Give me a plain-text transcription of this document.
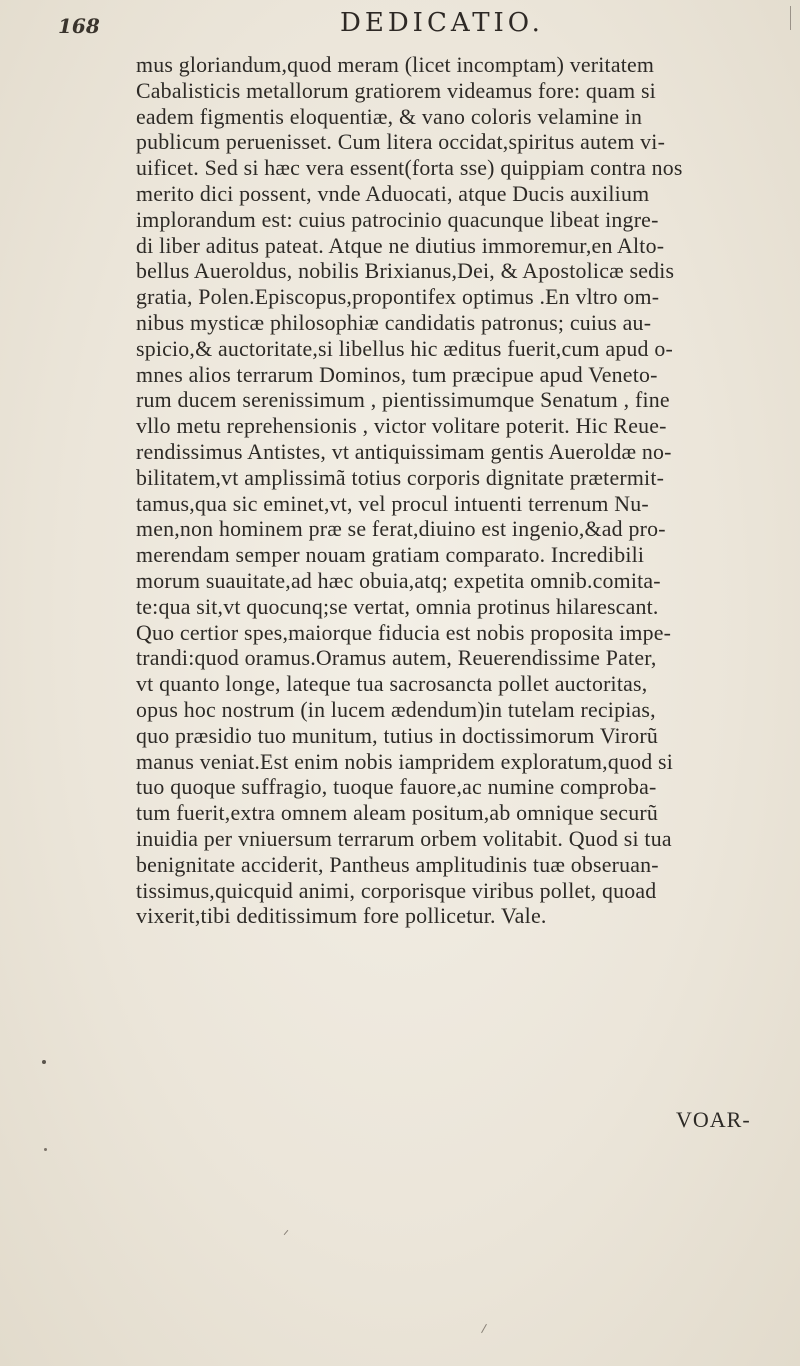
168	DEDICATIO.
mus gloriandum,quod meram (licet incomptam) veritatem
Cabalisticis metallorum gratiorem videamus fore: quam si
eadem figmentis eloquentiæ, & vano coloris velamine in
publicum peruenisset. Cum litera occidat,spiritus autem vi-
uificet. Sed si hæc vera essent(forta sse) quippiam contra nos
merito dici possent, vnde Aduocati, atque Ducis auxilium
implorandum est: cuius patrocinio quacunque libeat ingre-
di liber aditus pateat. Atque ne diutius immoremur,en Alto-
bellus Aueroldus, nobilis Brixianus,Dei, & Apostolicæ sedis
gratia, Polen.Episcopus,propontifex optimus .En vltro om-
nibus mysticæ philosophiæ candidatis patronus; cuius au-
spicio,& auctoritate,si libellus hic æditus fuerit,cum apud o-
mnes alios terrarum Dominos, tum præcipue apud Veneto-
rum ducem serenissimum , pientissimumque Senatum , fine
vllo metu reprehensionis , victor volitare poterit. Hic Reue-
rendissimus Antistes, vt antiquissimam gentis Aueroldæ no-
bilitatem,vt amplissimã totius corporis dignitate prætermit-
tamus,qua sic eminet,vt, vel procul intuenti terrenum Nu-
men,non hominem præ se ferat,diuino est ingenio,&ad pro-
merendam semper nouam gratiam comparato. Incredibili
morum suauitate,ad hæc obuia,atq; expetita omnib.comita-
te:qua sit,vt quocunq;se vertat, omnia protinus hilarescant.
Quo certior spes,maiorque fiducia est nobis proposita impe-
trandi:quod oramus.Oramus autem, Reuerendissime Pater,
vt quanto longe, lateque tua sacrosancta pollet auctoritas,
opus hoc nostrum (in lucem ædendum)in tutelam recipias,
quo præsidio tuo munitum, tutius in doctissimorum Virorũ
manus veniat.Est enim nobis iampridem exploratum,quod si
tuo quoque suffragio, tuoque fauore,ac numine comproba-
tum fuerit,extra omnem aleam positum,ab omnique securũ
inuidia per vniuersum terrarum orbem volitabit. Quod si tua
benignitate acciderit, Pantheus amplitudinis tuæ obseruan-
tissimus,quicquid animi, corporisque viribus pollet, quoad
vixerit,tibi deditissimum fore pollicetur. Vale.
VOAR-
